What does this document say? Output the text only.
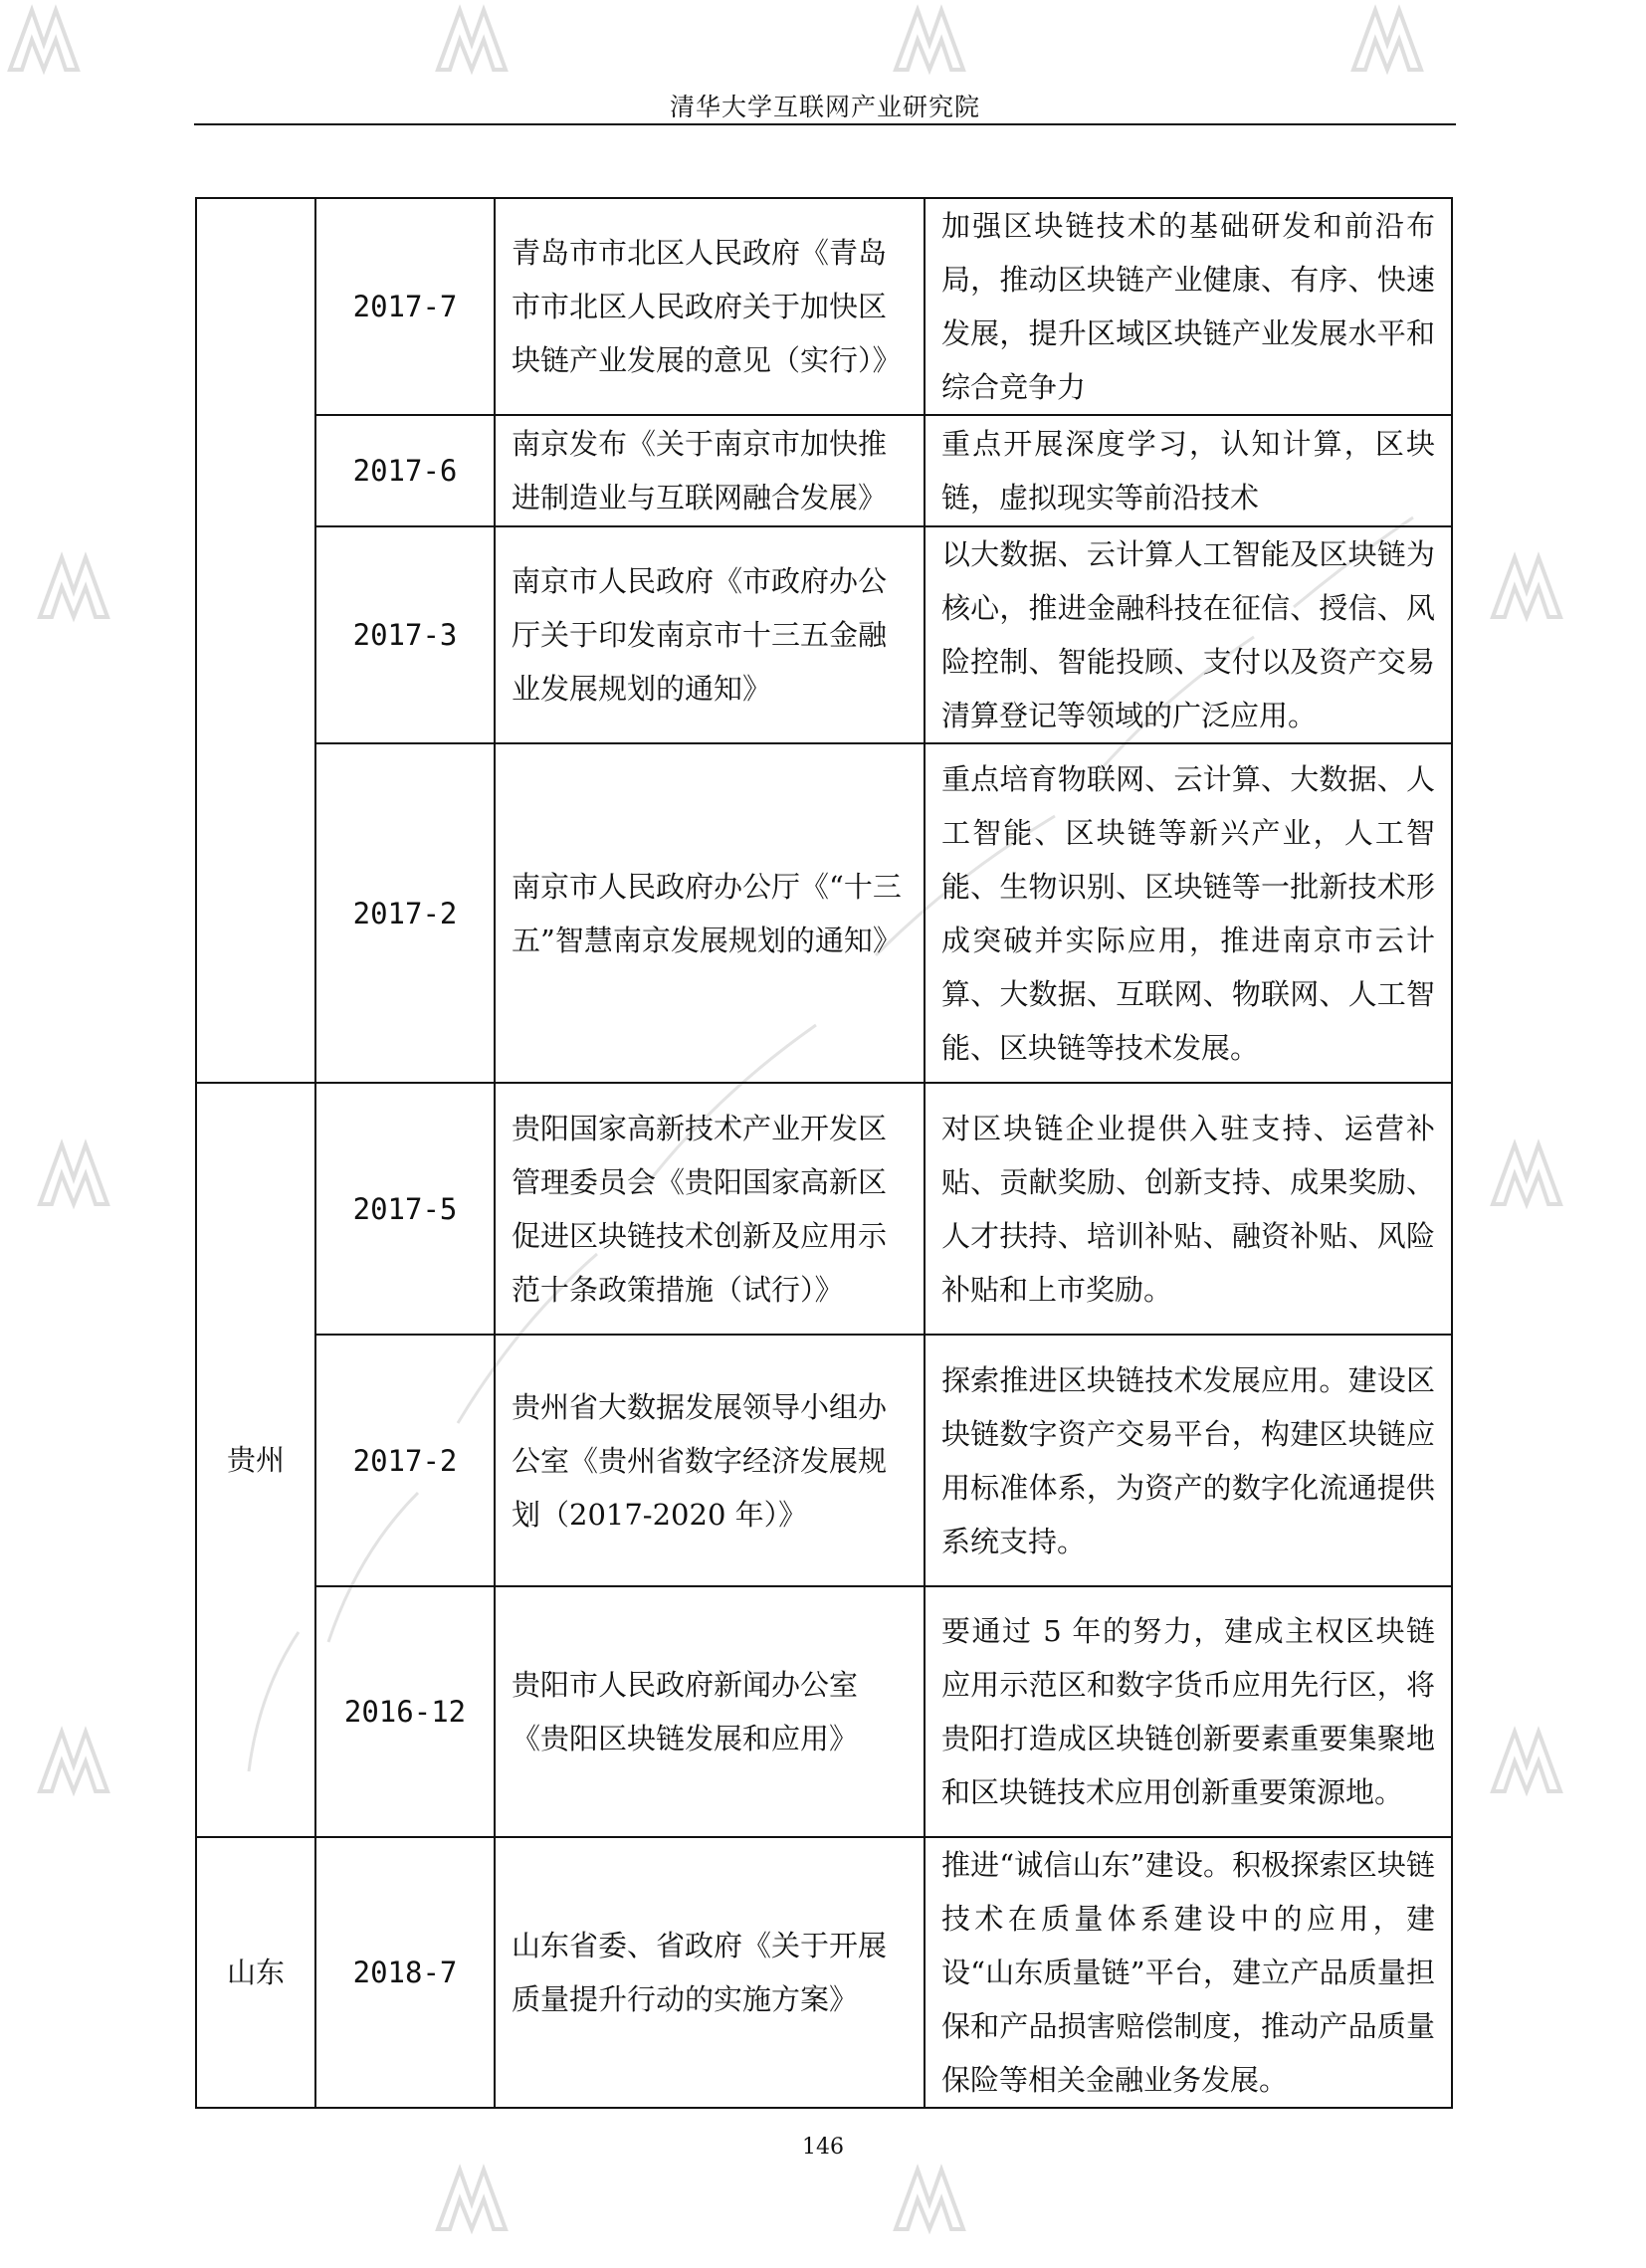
清华大学互联网产业研究院
	2017-7	青岛市市北区人民政府《青岛市市北区人民政府关于加快区块链产业发展的意见（实行）》	加强区块链技术的基础研发和前沿布局，推动区块链产业健康、有序、快速发展，提升区域区块链产业发展水平和综合竞争力
	2017-6	南京发布《关于南京市加快推进制造业与互联网融合发展》	重点开展深度学习，认知计算，区块链，虚拟现实等前沿技术
	2017-3	南京市人民政府《市政府办公厅关于印发南京市十三五金融业发展规划的通知》	以大数据、云计算人工智能及区块链为核心，推进金融科技在征信、授信、风险控制、智能投顾、支付以及资产交易清算登记等领域的广泛应用。
	2017-2	南京市人民政府办公厅《“十三五”智慧南京发展规划的通知》	重点培育物联网、云计算、大数据、人工智能、区块链等新兴产业，人工智能、生物识别、区块链等一批新技术形成突破并实际应用，推进南京市云计算、大数据、互联网、物联网、人工智能、区块链等技术发展。
贵州	2017-5	贵阳国家高新技术产业开发区管理委员会《贵阳国家高新区促进区块链技术创新及应用示范十条政策措施（试行）》	对区块链企业提供入驻支持、运营补贴、贡献奖励、创新支持、成果奖励、人才扶持、培训补贴、融资补贴、风险补贴和上市奖励。
	2017-2	贵州省大数据发展领导小组办公室《贵州省数字经济发展规划（2017-2020 年）》	探索推进区块链技术发展应用。建设区块链数字资产交易平台，构建区块链应用标准体系，为资产的数字化流通提供系统支持。
	2016-12	贵阳市人民政府新闻办公室《贵阳区块链发展和应用》	要通过 5 年的努力，建成主权区块链应用示范区和数字货币应用先行区，将贵阳打造成区块链创新要素重要集聚地和区块链技术应用创新重要策源地。
山东	2018-7	山东省委、省政府《关于开展质量提升行动的实施方案》	推进“诚信山东”建设。积极探索区块链技术在质量体系建设中的应用，建设“山东质量链”平台，建立产品质量担保和产品损害赔偿制度，推动产品质量保险等相关金融业务发展。
146
